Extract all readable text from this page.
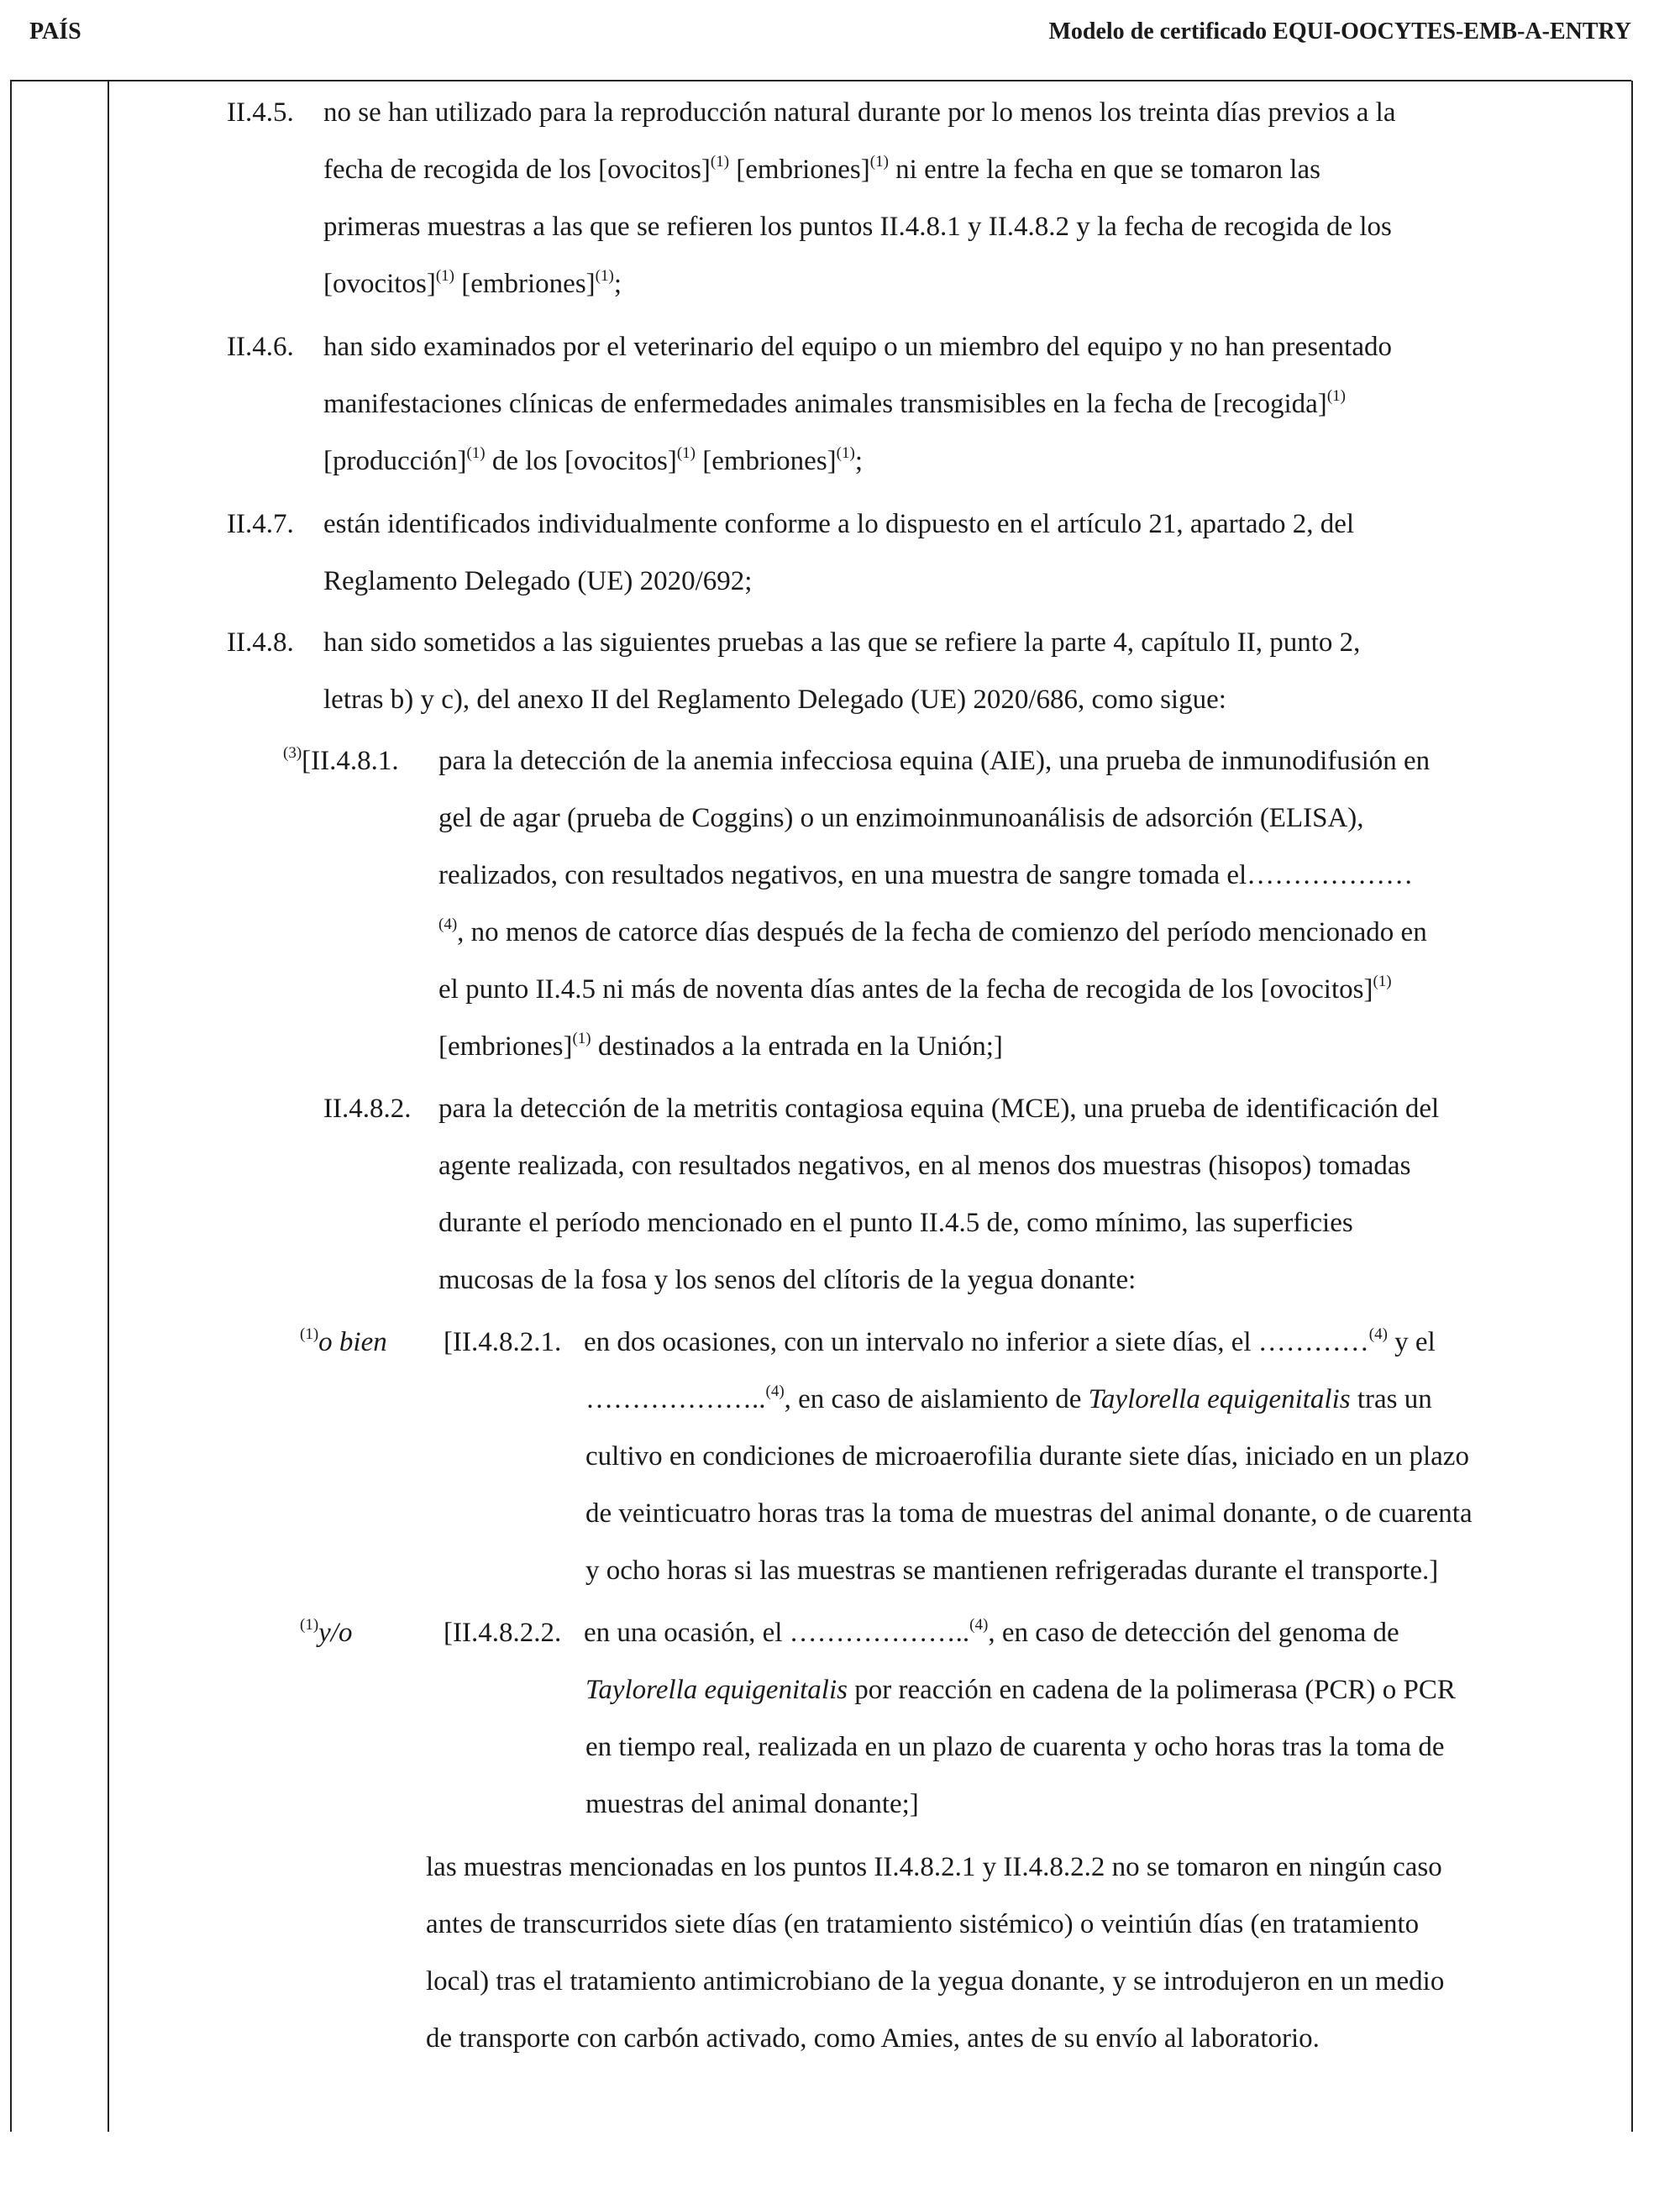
PAÍS	Modelo de certificado EQUI-OOCYTES-EMB-A-ENTRY
II.4.5. no se han utilizado para la reproducción natural durante por lo menos los treinta días previos a la
fecha de recogida de los [ovocitos]$^{(1)}$ [embriones]$^{(1)}$ ni entre la fecha en que se tomaron las
primeras muestras a las que se refieren los puntos II.4.8.1 y II.4.8.2 y la fecha de recogida de los
[ovocitos]$^{(1)}$ [embriones]$^{(1)}$;
II.4.6. han sido examinados por el veterinario del equipo o un miembro del equipo y no han presentado
manifestaciones clínicas de enfermedades animales transmisibles en la fecha de [recogida]$^{(1)}$
[producción]$^{(1)}$ de los [ovocitos]$^{(1)}$ [embriones]$^{(1)}$;
II.4.7. están identificados individualmente conforme a lo dispuesto en el artículo 21, apartado 2, del
Reglamento Delegado (UE) 2020/692;
II.4.8. han sido sometidos a las siguientes pruebas a las que se refiere la parte 4, capítulo II, punto 2,
letras b) y c), del anexo II del Reglamento Delegado (UE) 2020/686, como sigue:
$^{(3)}$[II.4.8.1. para la detección de la anemia infecciosa equina (AIE), una prueba de inmunodifusión en
gel de agar (prueba de Coggins) o un enzimoinmunoanálisis de adsorción (ELISA),
realizados, con resultados negativos, en una muestra de sangre tomada el………………
$^{(4)}$, no menos de catorce días después de la fecha de comienzo del período mencionado en
el punto II.4.5 ni más de noventa días antes de la fecha de recogida de los [ovocitos]$^{(1)}$
[embriones]$^{(1)}$ destinados a la entrada en la Unión;]
II.4.8.2. para la detección de la metritis contagiosa equina (MCE), una prueba de identificación del
agente realizada, con resultados negativos, en al menos dos muestras (hisopos) tomadas
durante el período mencionado en el punto II.4.5 de, como mínimo, las superficies
mucosas de la fosa y los senos del clítoris de la yegua donante:
$^{(1)}$o bien [II.4.8.2.1. en dos ocasiones, con un intervalo no inferior a siete días, el …………$^{(4)}$ y el
………………..$^{(4)}$, en caso de aislamiento de Taylorella equigenitalis tras un
cultivo en condiciones de microaerofilia durante siete días, iniciado en un plazo
de veinticuatro horas tras la toma de muestras del animal donante, o de cuarenta
y ocho horas si las muestras se mantienen refrigeradas durante el transporte.]
$^{(1)}$y/o	[II.4.8.2.2. en una ocasión, el ………………..$^{(4)}$, en caso de detección del genoma de
Taylorella equigenitalis por reacción en cadena de la polimerasa (PCR) o PCR
en tiempo real, realizada en un plazo de cuarenta y ocho horas tras la toma de
muestras del animal donante;]
las muestras mencionadas en los puntos II.4.8.2.1 y II.4.8.2.2 no se tomaron en ningún caso
antes de transcurridos siete días (en tratamiento sistémico) o veintiún días (en tratamiento
local) tras el tratamiento antimicrobiano de la yegua donante, y se introdujeron en un medio
de transporte con carbón activado, como Amies, antes de su envío al laboratorio.
